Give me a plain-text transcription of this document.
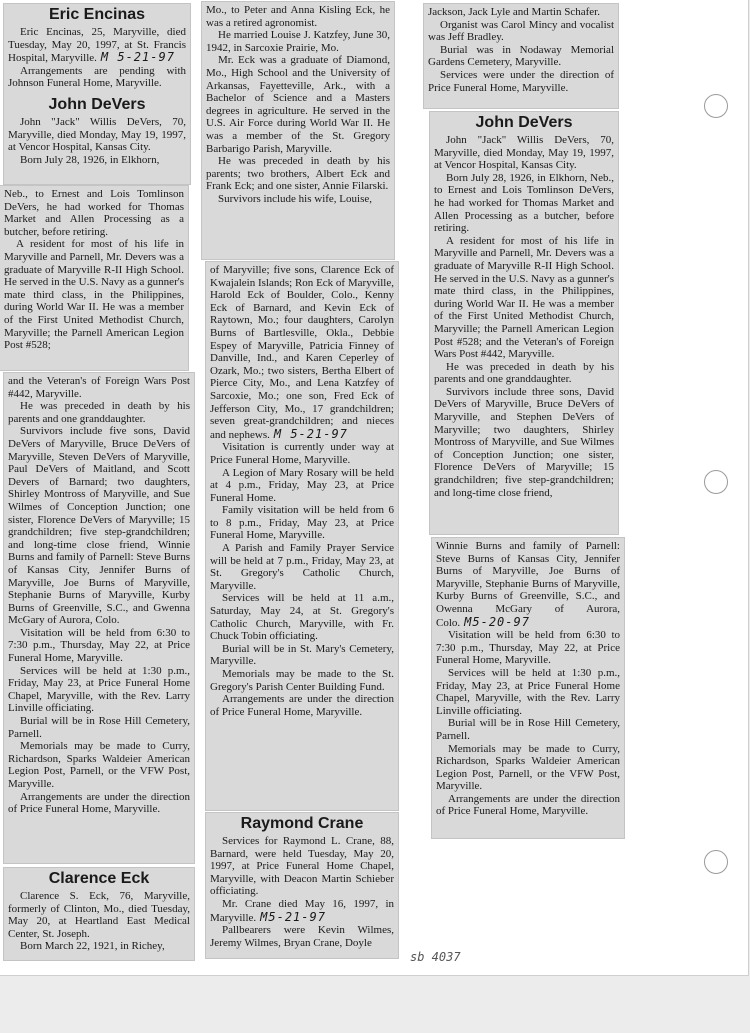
Eric Encinas

Eric Encinas, 25, Maryville, died Tuesday, May 20, 1997, at St. Francis Hospital, Maryville. M 5-21-97

Arrangements are pending with Johnson Funeral Home, Maryville.

John DeVers

John "Jack" Willis DeVers, 70, Maryville, died Monday, May 19, 1997, at Vencor Hospital, Kansas City.

Born July 28, 1926, in Elkhorn,

Neb., to Ernest and Lois Tomlinson DeVers, he had worked for Thomas Market and Allen Processing as a butcher, before retiring.

A resident for most of his life in Maryville and Parnell, Mr. Devers was a graduate of Maryville R-II High School. He served in the U.S. Navy as a gunner's mate third class, in the Philippines, during World War II. He was a member of the First United Methodist Church, Maryville; the Parnell American Legion Post #528;

and the Veteran's of Foreign Wars Post #442, Maryville.

He was preceded in death by his parents and one granddaughter.

Survivors include five sons, David DeVers of Maryville, Bruce DeVers of Maryville, Steven DeVers of Maryville, Paul DeVers of Maitland, and Scott Devers of Barnard; two daughters, Shirley Montross of Maryville, and Sue Wilmes of Conception Junction; one sister, Florence DeVers of Maryville; 15 grandchildren; five step-grandchildren; and long-time close friend, Winnie Burns and family of Parnell: Steve Burns of Kansas City, Jennifer Burns of Maryville, Joe Burns of Maryville, Stephanie Burns of Maryville, Kurby Burns of Greenville, S.C., and Gwenna McGary of Aurora, Colo.

Visitation will be held from 6:30 to 7:30 p.m., Thursday, May 22, at Price Funeral Home, Maryville.

Services will be held at 1:30 p.m., Friday, May 23, at Price Funeral Home Chapel, Maryville, with the Rev. Larry Linville officiating.

Burial will be in Rose Hill Cemetery, Parnell.

Memorials may be made to Curry, Richardson, Sparks Waldeier American Legion Post, Parnell, or the VFW Post, Maryville.

Arrangements are under the direction of Price Funeral Home, Maryville.

Clarence Eck

Clarence S. Eck, 76, Maryville, formerly of Clinton, Mo., died Tuesday, May 20, at Heartland East Medical Center, St. Joseph.

Born March 22, 1921, in Richey,

Mo., to Peter and Anna Kisling Eck, he was a retired agronomist.

He married Louise J. Katzfey, June 30, 1942, in Sarcoxie Prairie, Mo.

Mr. Eck was a graduate of Diamond, Mo., High School and the University of Arkansas, Fayetteville, Ark., with a Bachelor of Science and a Masters degrees in agriculture. He served in the U.S. Air Force during World War II. He was a member of the St. Gregory Barbarigo Parish, Maryville.

He was preceded in death by his parents; two brothers, Albert Eck and Frank Eck; and one sister, Annie Filarski.

Survivors include his wife, Louise,

of Maryville; five sons, Clarence Eck of Kwajalein Islands; Ron Eck of Maryville, Harold Eck of Boulder, Colo., Kenny Eck of Barnard, and Kevin Eck of Raytown, Mo.; four daughters, Carolyn Burns of Bartlesville, Okla., Debbie Espey of Maryville, Patricia Finney of Danville, Ind., and Karen Ceperley of Ozark, Mo.; two sisters, Bertha Elbert of Pierce City, Mo., and Lena Katzfey of Sarcoxie, Mo.; one son, Fred Eck of Jefferson City, Mo., 17 grandchildren; seven great-grandchildren; and nieces and nephews. M 5-21-97

Visitation is currently under way at Price Funeral Home, Maryville.

A Legion of Mary Rosary will be held at 4 p.m., Friday, May 23, at Price Funeral Home.

Family visitation will be held from 6 to 8 p.m., Friday, May 23, at Price Funeral Home, Maryville.

A Parish and Family Prayer Service will be held at 7 p.m., Friday, May 23, at St. Gregory's Catholic Church, Maryville.

Services will be held at 11 a.m., Saturday, May 24, at St. Gregory's Catholic Church, Maryville, with Fr. Chuck Tobin officiating.

Burial will be in St. Mary's Cemetery, Maryville.

Memorials may be made to the St. Gregory's Parish Center Building Fund.

Arrangements are under the direction of Price Funeral Home, Maryville.

Raymond Crane

Services for Raymond L. Crane, 88, Barnard, were held Tuesday, May 20, 1997, at Price Funeral Home Chapel, Maryville, with Deacon Martin Schieber officiating.

Mr. Crane died May 16, 1997, in Maryville. M5-21-97

Pallbearers were Kevin Wilmes, Jeremy Wilmes, Bryan Crane, Doyle

Jackson, Jack Lyle and Martin Schafer.

Organist was Carol Mincy and vocalist was Jeff Bradley.

Burial was in Nodaway Memorial Gardens Cemetery, Maryville.

Services were under the direction of Price Funeral Home, Maryville.

John DeVers

John "Jack" Willis DeVers, 70, Maryville, died Monday, May 19, 1997, at Vencor Hospital, Kansas City.

Born July 28, 1926, in Elkhorn, Neb., to Ernest and Lois Tomlinson DeVers, he had worked for Thomas Market and Allen Processing as a butcher, before retiring.

A resident for most of his life in Maryville and Parnell, Mr. Devers was a graduate of Maryville R-II High School. He served in the U.S. Navy as a gunner's mate third class, in the Philippines, during World War II. He was a member of the First United Methodist Church, Maryville; the Parnell American Legion Post #528; and the Veteran's of Foreign Wars Post #442, Maryville.

He was preceded in death by his parents and one granddaughter.

Survivors include three sons, David DeVers of Maryville, Bruce DeVers of Maryville, and Stephen DeVers of Maryville; two daughters, Shirley Montross of Maryville, and Sue Wilmes of Conception Junction; one sister, Florence DeVers of Maryville; 15 grandchildren; five step-grandchildren; and long-time close friend,

Winnie Burns and family of Parnell: Steve Burns of Kansas City, Jennifer Burns of Maryville, Joe Burns of Maryville, Stephanie Burns of Maryville, Kurby Burns of Greenville, S.C., and Owenna McGary of Aurora, Colo. M5-20-97

Visitation will be held from 6:30 to 7:30 p.m., Thursday, May 22, at Price Funeral Home, Maryville.

Services will be held at 1:30 p.m., Friday, May 23, at Price Funeral Home Chapel, Maryville, with the Rev. Larry Linville officiating.

Burial will be in Rose Hill Cemetery, Parnell.

Memorials may be made to Curry, Richardson, Sparks Waldeier American Legion Post, Parnell, or the VFW Post, Maryville.

Arrangements are under the direction of Price Funeral Home, Maryville.

sb 4037
